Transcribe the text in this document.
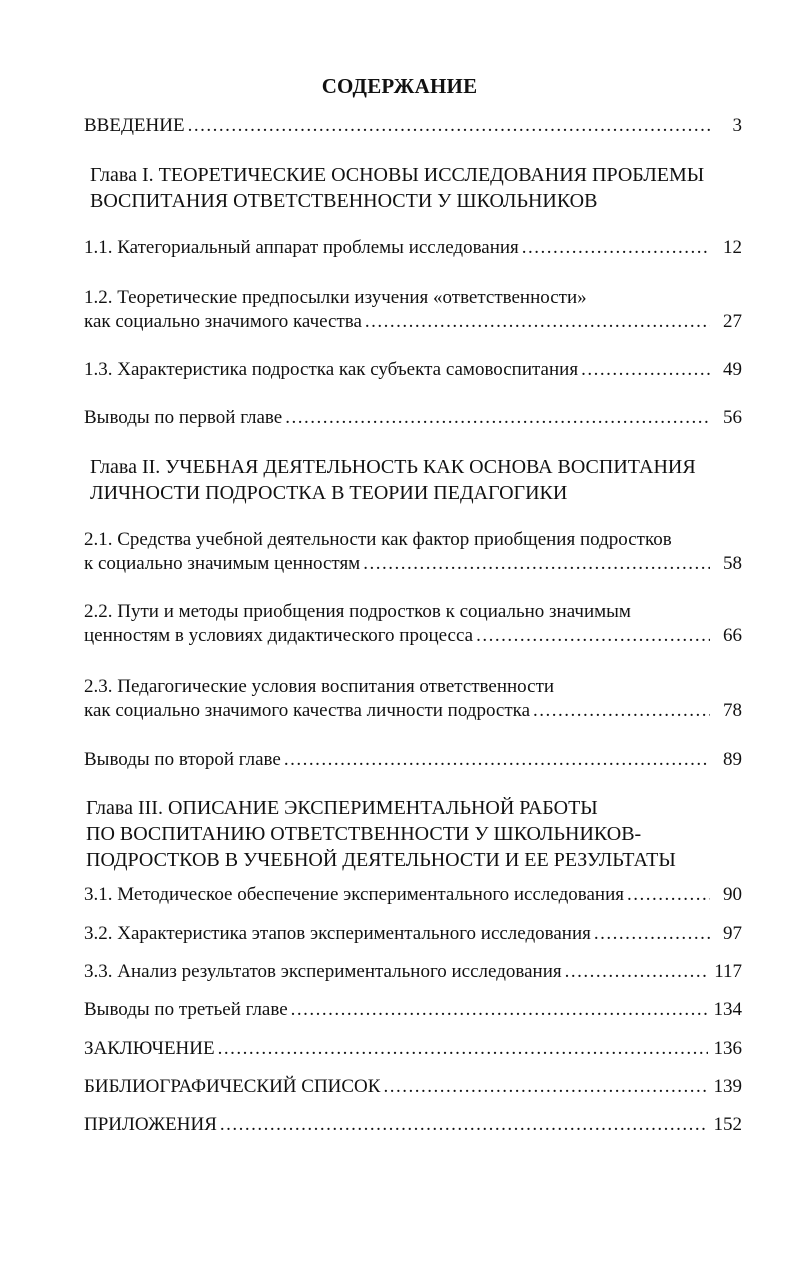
СОДЕРЖАНИЕ
ВВЕДЕНИЕ .....	3
Глава I. ТЕОРЕТИЧЕСКИЕ ОСНОВЫ ИССЛЕДОВАНИЯ ПРОБЛЕМЫ
ВОСПИТАНИЯ ОТВЕТСТВЕННОСТИ У ШКОЛЬНИКОВ
1.1. Категориальный аппарат проблемы исследования .....	12
1.2. Теоретические предпосылки изучения «ответственности»
как социально значимого качества .....	27
1.3. Характеристика подростка как субъекта самовоспитания .....	49
Выводы по первой главе .....	56
Глава II. УЧЕБНАЯ ДЕЯТЕЛЬНОСТЬ КАК ОСНОВА ВОСПИТАНИЯ
ЛИЧНОСТИ ПОДРОСТКА В ТЕОРИИ ПЕДАГОГИКИ
2.1. Средства учебной деятельности как фактор приобщения подростков
к социально значимым ценностям .....	58
2.2. Пути и методы приобщения подростков к социально значимым
ценностям в условиях дидактического процесса .....	66
2.3. Педагогические условия воспитания ответственности
как социально значимого качества личности подростка .....	78
Выводы по второй главе .....	89
Глава III. ОПИСАНИЕ ЭКСПЕРИМЕНТАЛЬНОЙ РАБОТЫ
ПО ВОСПИТАНИЮ ОТВЕТСТВЕННОСТИ У ШКОЛЬНИКОВ-
ПОДРОСТКОВ В УЧЕБНОЙ ДЕЯТЕЛЬНОСТИ И ЕЕ РЕЗУЛЬТАТЫ
3.1. Методическое обеспечение экспериментального исследования .....	90
3.2. Характеристика этапов экспериментального исследования .....	97
3.3. Анализ результатов экспериментального исследования .....	117
Выводы по третьей главе .....	134
ЗАКЛЮЧЕНИЕ .....	136
БИБЛИОГРАФИЧЕСКИЙ СПИСОК .....	139
ПРИЛОЖЕНИЯ .....	152
